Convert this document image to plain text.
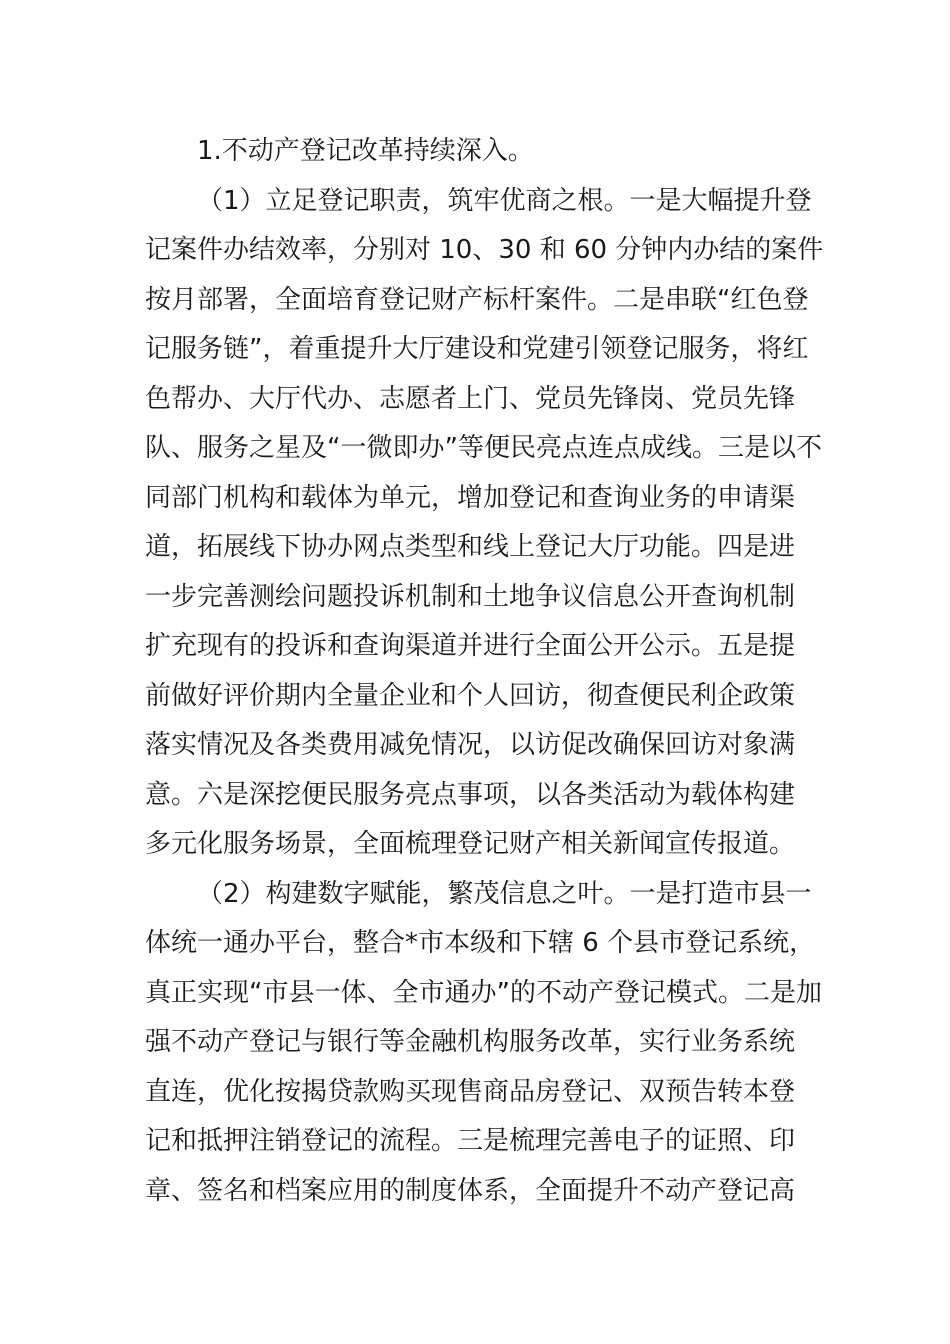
1.不动产登记改革持续深入。
（1）立足登记职责，筑牢优商之根。一是大幅提升登
记案件办结效率，分别对 10、30 和 60 分钟内办结的案件
按月部署，全面培育登记财产标杆案件。二是串联“红色登
记服务链”，着重提升大厅建设和党建引领登记服务，将红
色帮办、大厅代办、志愿者上门、党员先锋岗、党员先锋
队、服务之星及“一微即办”等便民亮点连点成线。三是以不
同部门机构和载体为单元，增加登记和查询业务的申请渠
道，拓展线下协办网点类型和线上登记大厅功能。四是进
一步完善测绘问题投诉机制和土地争议信息公开查询机制
扩充现有的投诉和查询渠道并进行全面公开公示。五是提
前做好评价期内全量企业和个人回访，彻查便民利企政策
落实情况及各类费用减免情况，以访促改确保回访对象满
意。六是深挖便民服务亮点事项，以各类活动为载体构建
多元化服务场景，全面梳理登记财产相关新闻宣传报道。
（2）构建数字赋能，繁茂信息之叶。一是打造市县一
体统一通办平台，整合*市本级和下辖 6 个县市登记系统，
真正实现“市县一体、全市通办”的不动产登记模式。二是加
强不动产登记与银行等金融机构服务改革，实行业务系统
直连，优化按揭贷款购买现售商品房登记、双预告转本登
记和抵押注销登记的流程。三是梳理完善电子的证照、印
章、签名和档案应用的制度体系，全面提升不动产登记高
